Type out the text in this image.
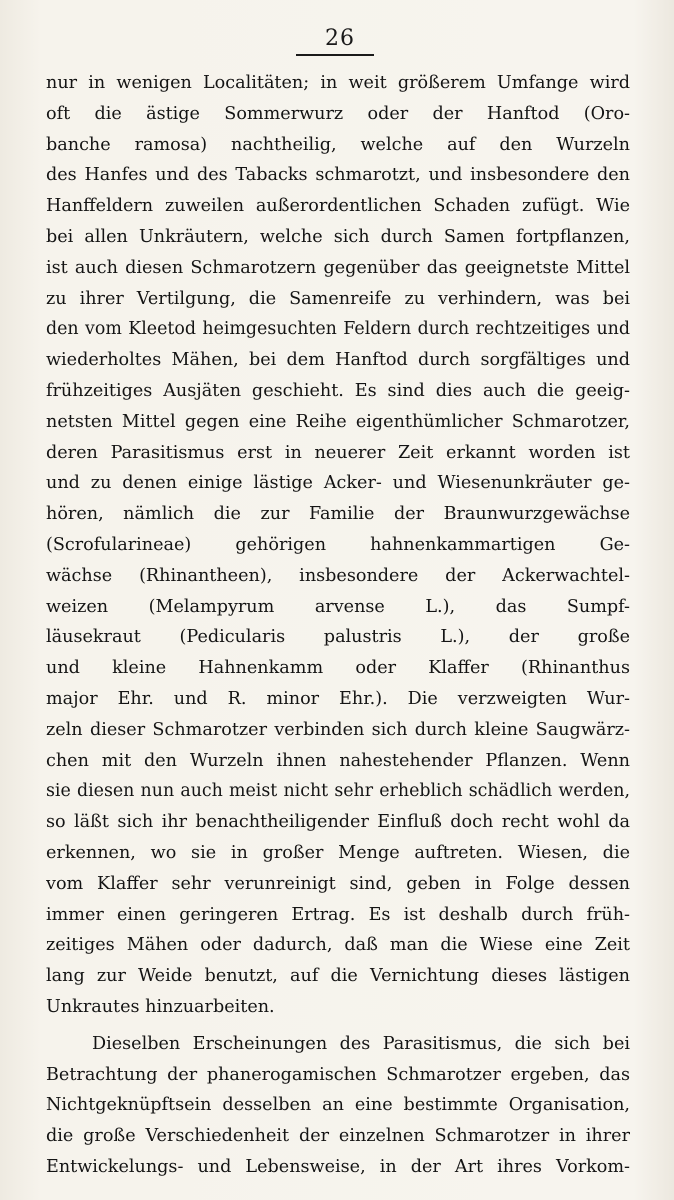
26
nur in wenigen Localitäten; in weit größerem Umfange wird
oft die ästige Sommerwurz oder der Hanftod (Oro-
banche ramosa) nachtheilig, welche auf den Wurzeln
des Hanfes und des Tabacks schmarotzt, und insbesondere den
Hanffeldern zuweilen außerordentlichen Schaden zufügt. Wie
bei allen Unkräutern, welche sich durch Samen fortpflanzen,
ist auch diesen Schmarotzern gegenüber das geeignetste Mittel
zu ihrer Vertilgung, die Samenreife zu verhindern, was bei
den vom Kleetod heimgesuchten Feldern durch rechtzeitiges und
wiederholtes Mähen, bei dem Hanftod durch sorgfältiges und
frühzeitiges Ausjäten geschieht. Es sind dies auch die geeig-
netsten Mittel gegen eine Reihe eigenthümlicher Schmarotzer,
deren Parasitismus erst in neuerer Zeit erkannt worden ist
und zu denen einige lästige Acker- und Wiesenunkräuter ge-
hören, nämlich die zur Familie der Braunwurzgewächse
(Scrofularineae) gehörigen hahnenkammartigen Ge-
wächse (Rhinantheen), insbesondere der Ackerwachtel-
weizen (Melampyrum arvense L.), das Sumpf-
läusekraut (Pedicularis palustris L.), der große
und kleine Hahnenkamm oder Klaffer (Rhinanthus
major Ehr. und R. minor Ehr.). Die verzweigten Wur-
zeln dieser Schmarotzer verbinden sich durch kleine Saugwärz-
chen mit den Wurzeln ihnen nahestehender Pflanzen. Wenn
sie diesen nun auch meist nicht sehr erheblich schädlich werden,
so läßt sich ihr benachtheiligender Einfluß doch recht wohl da
erkennen, wo sie in großer Menge auftreten. Wiesen, die
vom Klaffer sehr verunreinigt sind, geben in Folge dessen
immer einen geringeren Ertrag. Es ist deshalb durch früh-
zeitiges Mähen oder dadurch, daß man die Wiese eine Zeit
lang zur Weide benutzt, auf die Vernichtung dieses lästigen
Unkrautes hinzuarbeiten.
Dieselben Erscheinungen des Parasitismus, die sich bei
Betrachtung der phanerogamischen Schmarotzer ergeben, das
Nichtgeknüpftsein desselben an eine bestimmte Organisation,
die große Verschiedenheit der einzelnen Schmarotzer in ihrer
Entwickelungs- und Lebensweise, in der Art ihres Vorkom-
